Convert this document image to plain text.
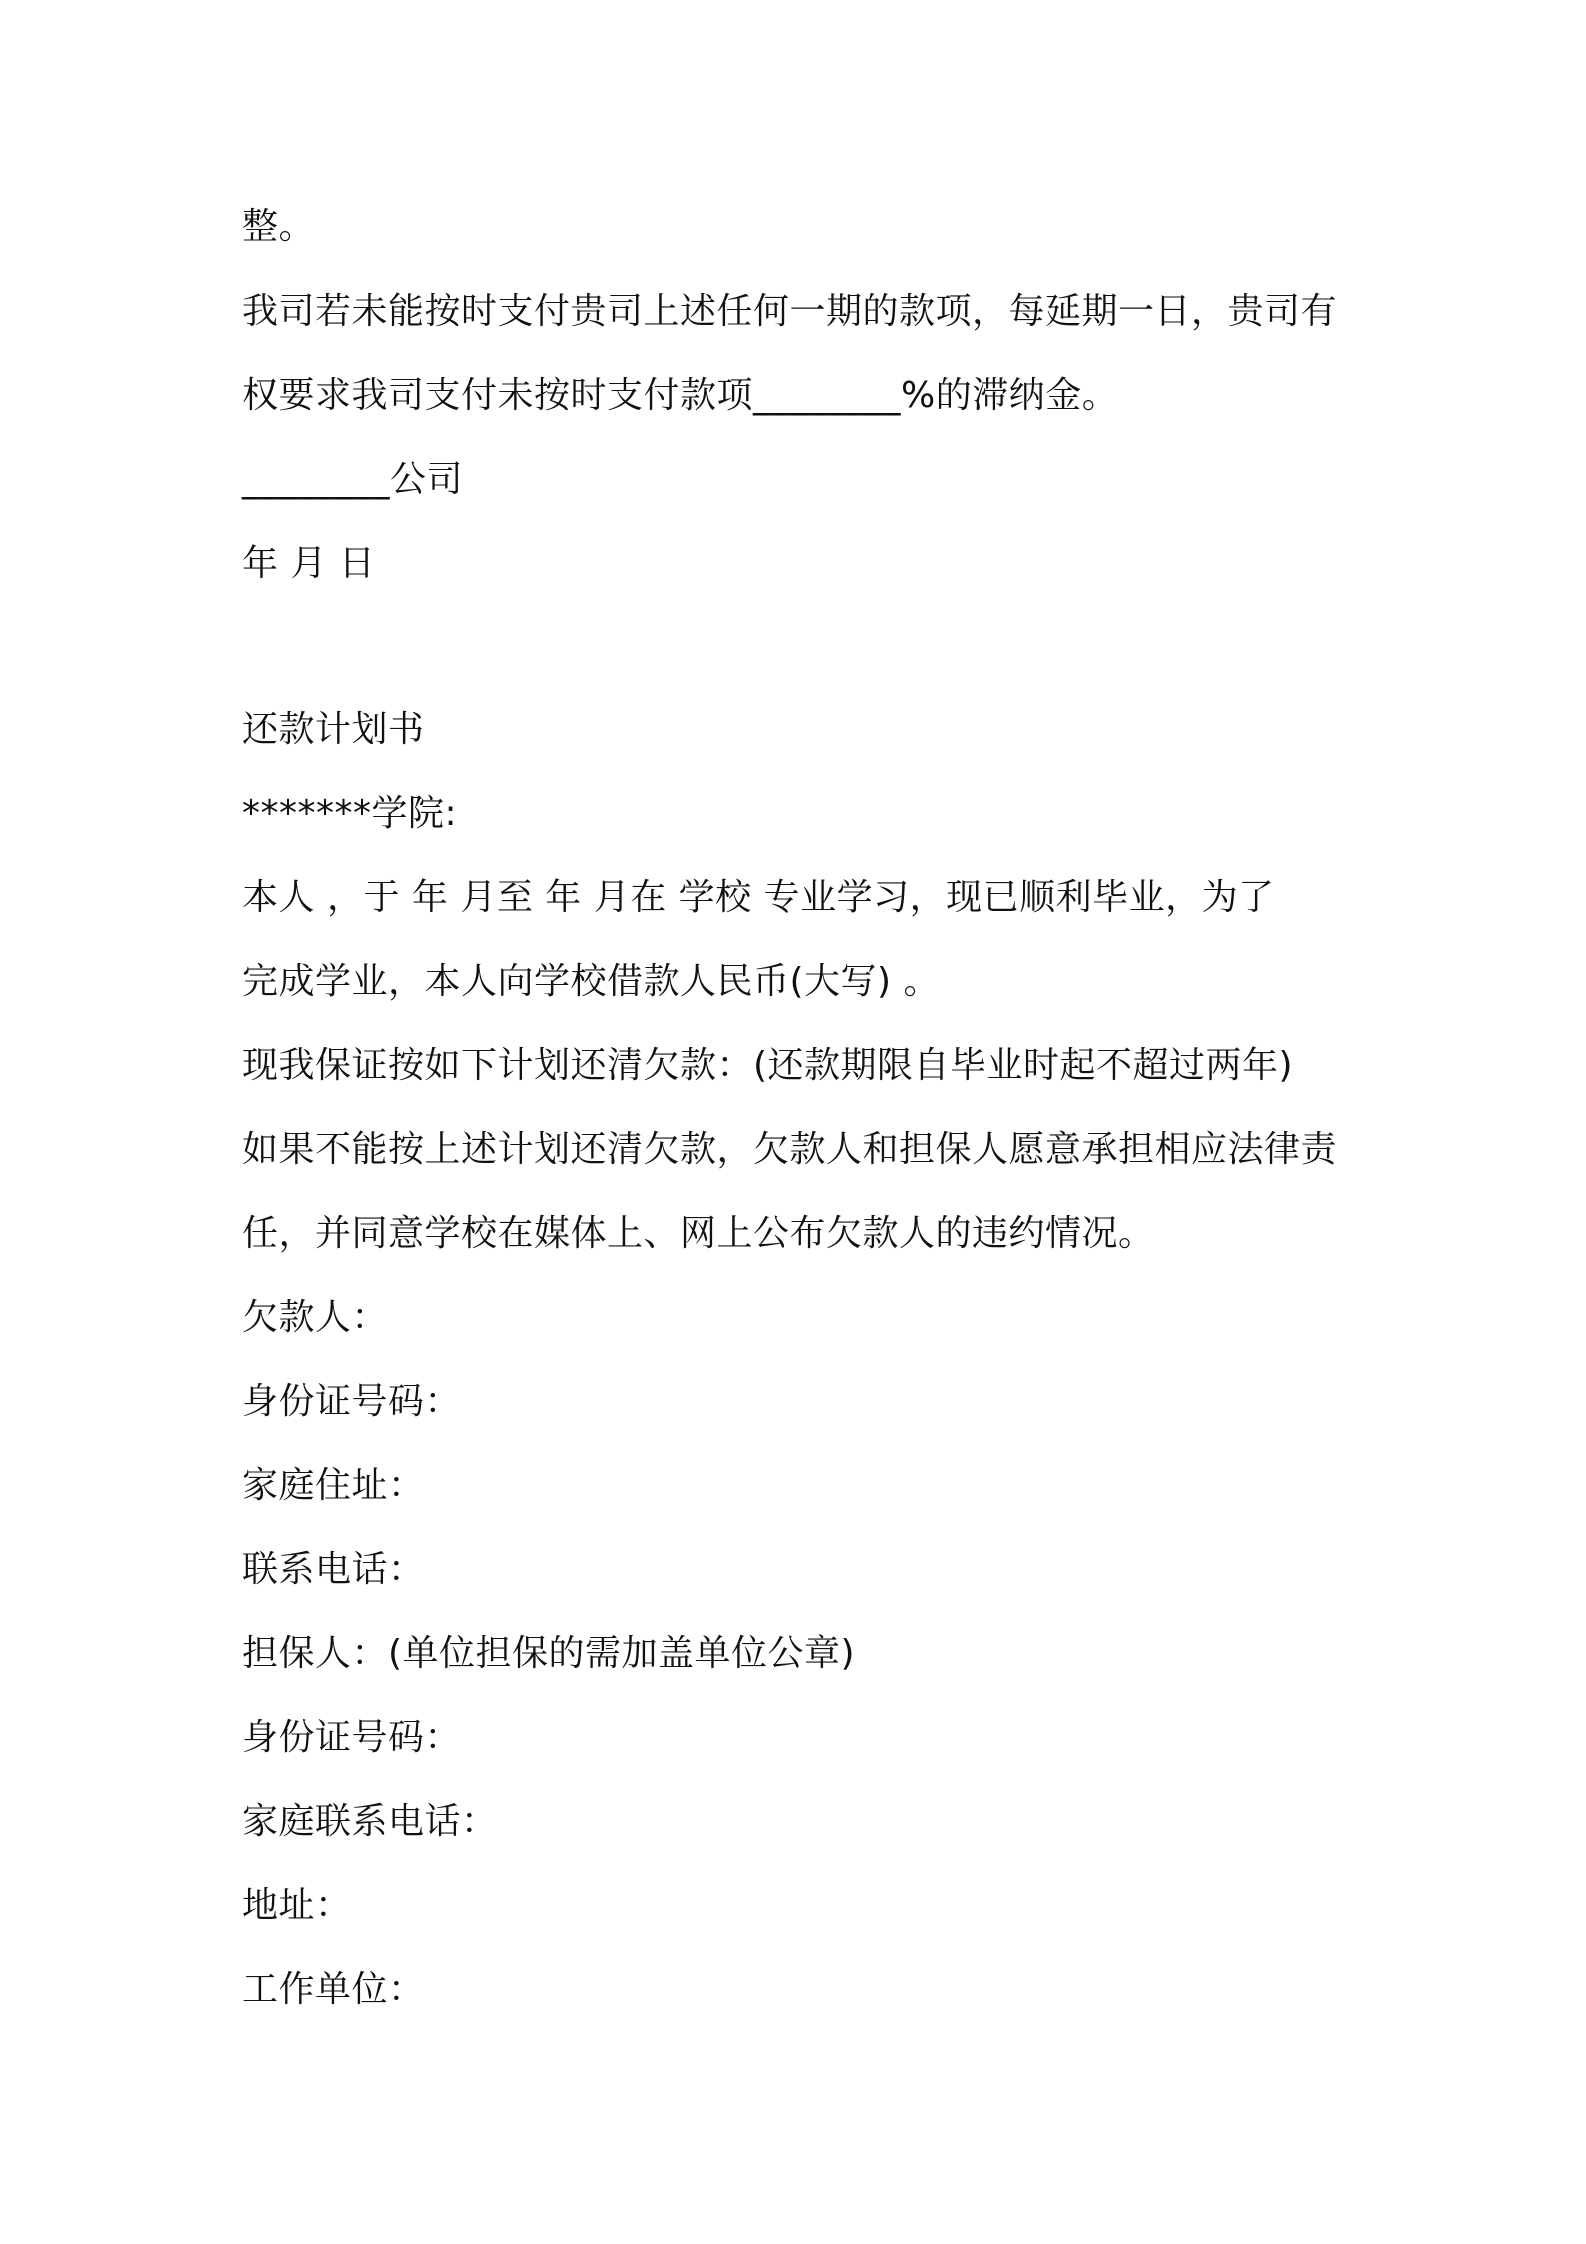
整。
我司若未能按时支付贵司上述任何一期的款项，每延期一日，贵司有
权要求我司支付未按时支付款项________%的滞纳金。
________公司
年 月 日
还款计划书
*******学院:
本人 ，于 年 月至 年 月在 学校 专业学习，现已顺利毕业，为了
完成学业，本人向学校借款人民币(大写) 。
现我保证按如下计划还清欠款：(还款期限自毕业时起不超过两年)
如果不能按上述计划还清欠款，欠款人和担保人愿意承担相应法律责
任，并同意学校在媒体上、网上公布欠款人的违约情况。
欠款人：
身份证号码：
家庭住址：
联系电话：
担保人：(单位担保的需加盖单位公章)
身份证号码：
家庭联系电话：
地址：
工作单位：
